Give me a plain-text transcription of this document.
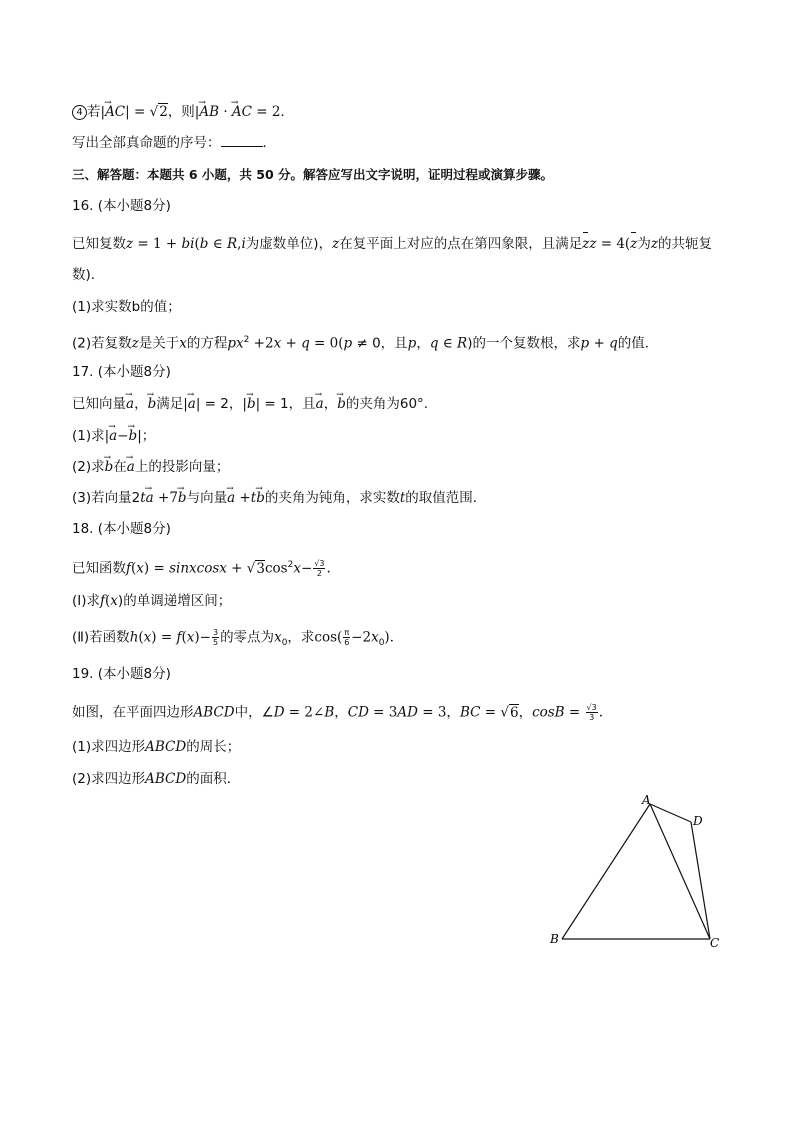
4 若|→ AC| = √2，则|→ AB · → AC = 2．
写出全部真命题的序号：	．
三、解答题：本题共 6 小题，共 50 分。解答应写出文字说明，证明过程或演算步骤。
16. (本小题8分)
已知复数z = 1 + bi(b ∈ R,i为虚数单位)，z在复平面上对应的点在第四象限，且满足zz = 4(z为z的共轭复
数)．
(1)求实数b的值；
(2)若复数z是关于x的方程$px^2 +2x + q = 0(p \ne 0$，且p，q ∈ R)的一个复数根，求p + q的值．
17. (本小题8分)
已知向量→ a，→ b满足|→ a| = 2，|→ b| = 1，且→ a，→ b的夹角为60°.
(1)求|→ a−→ b|；
(2)求→ b在→ a上的投影向量；
(3)若向量2t→ a +7→ b与向量→ a +t→ b的夹角为钝角，求实数t的取值范围．
18. (本小题8分)
已知函数f(x) = sinxcosx + $√3\cos^2x- \frac{√3}{2}$ .
(Ⅰ)求f(x)的单调递增区间；
(Ⅱ)若函数$h(x) = f(x)- \frac{3}{5}$ 的零点为$x_0$，求$\cos( \frac{\pi}{6} -2x_0)$．
19. (本小题8分)
如图，在平面四边形ABCD中，∠D = 2∠B，CD = 3AD = 3，BC = √6，$\cos B = \frac{√3}{3}$ .
(1)求四边形ABCD的周长；
(2)求四边形ABCD的面积．
A
B	C
D
